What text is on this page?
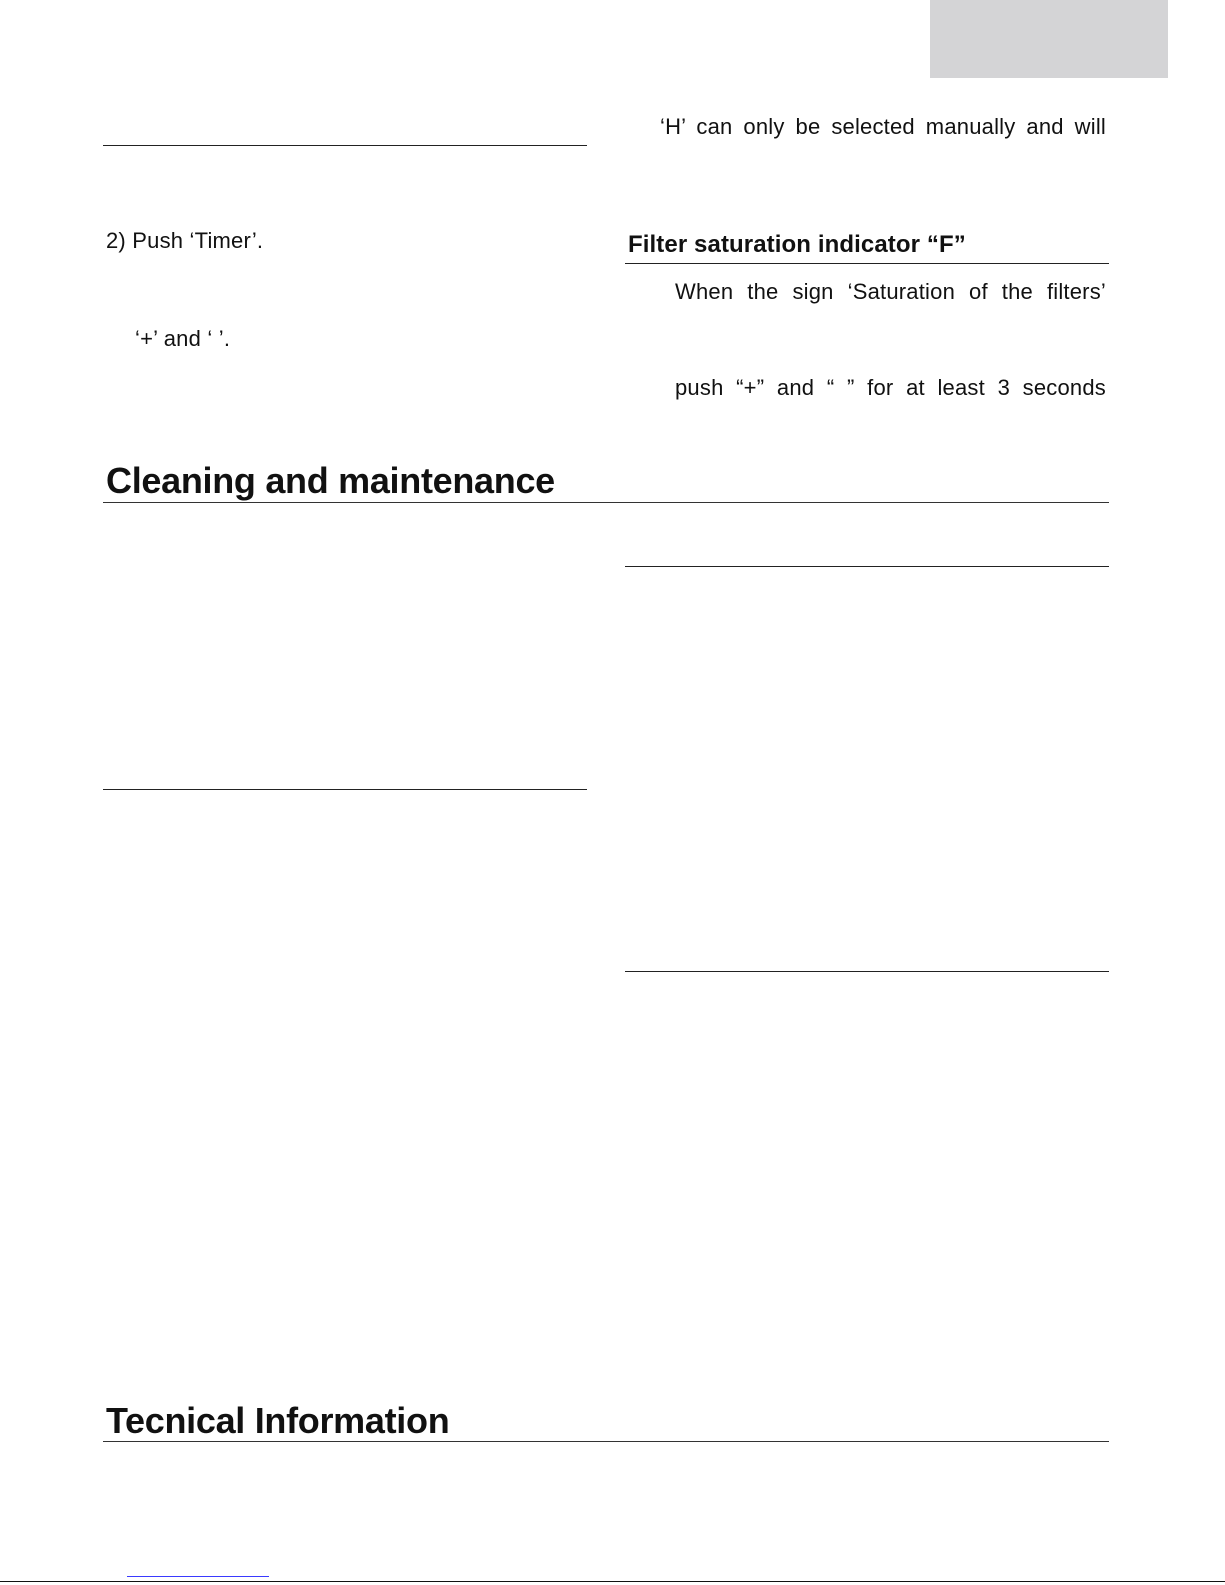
2) Push ‘Timer’.
‘+’ and ‘ ’.
‘H’ can only be selected manually and will
Filter saturation indicator “F”
When the sign ‘Saturation of the filters’
push “+” and “ ” for at least 3 seconds
Cleaning and maintenance
Tecnical Information
